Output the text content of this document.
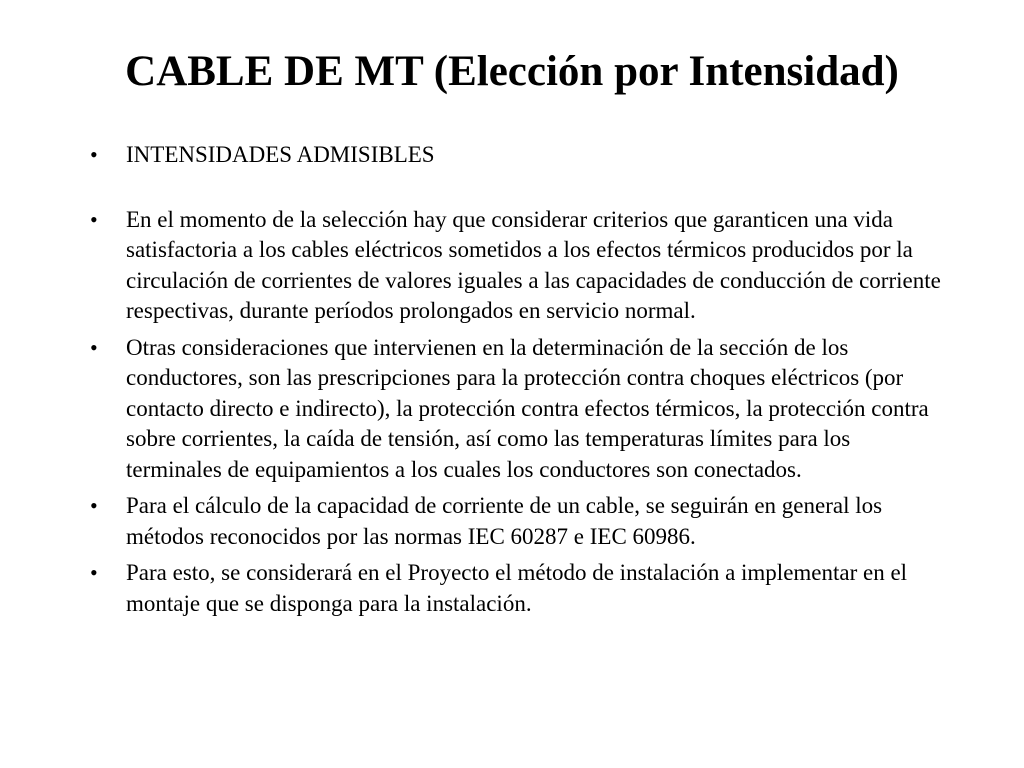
CABLE DE MT (Elección por Intensidad)
•	INTENSIDADES ADMISIBLES
•	En el momento de la selección hay que considerar criterios que garanticen una vida satisfactoria a los cables eléctricos sometidos a los efectos térmicos producidos por la circulación de corrientes de valores iguales a las capacidades de conducción de corriente respectivas, durante períodos prolongados en servicio normal.
•	Otras consideraciones que intervienen en la determinación de la sección de los conductores, son las prescripciones para la protección contra choques eléctricos (por contacto directo e indirecto), la protección contra efectos térmicos, la protección contra sobre corrientes, la caída de tensión, así como las temperaturas límites para los terminales de equipamientos a los cuales los conductores son conectados.
•	Para el cálculo de la capacidad de corriente de un cable, se seguirán en general los métodos reconocidos por las normas IEC 60287 e IEC 60986.
•	Para esto, se considerará en el Proyecto el método de instalación a implementar en el montaje que se disponga para la instalación.
